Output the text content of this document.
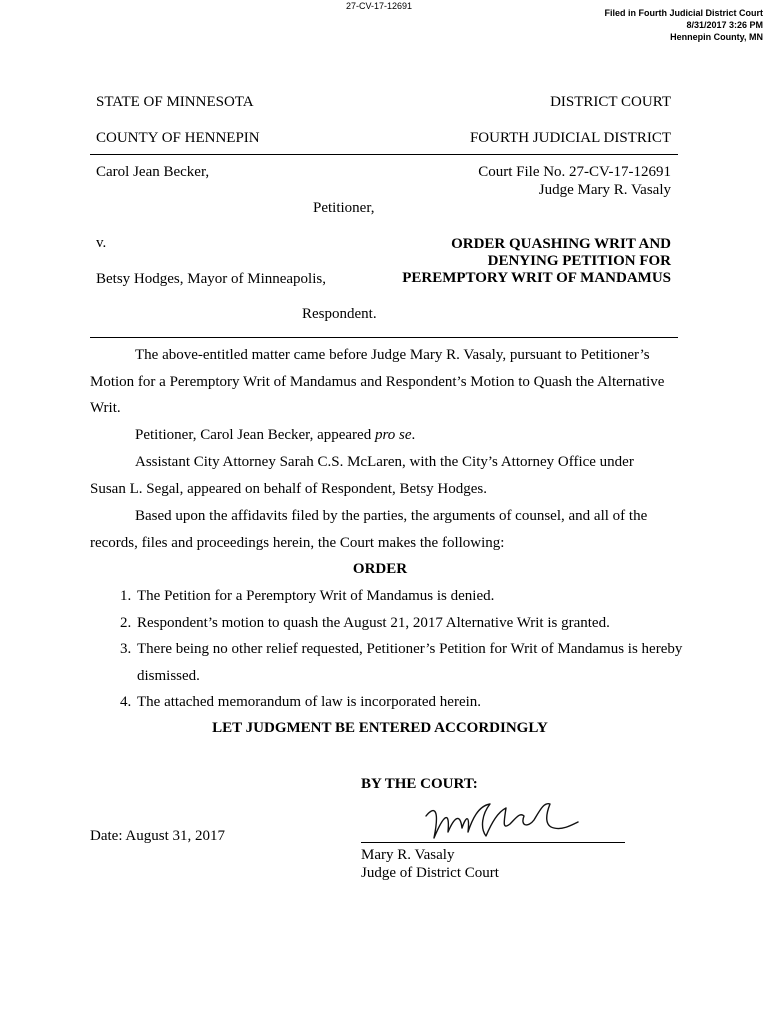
27-CV-17-12691
Filed in Fourth Judicial District Court
8/31/2017 3:26 PM
Hennepin County, MN
STATE OF MINNESOTA	DISTRICT COURT
COUNTY OF HENNEPIN	FOURTH JUDICIAL DISTRICT
Carol Jean Becker,	Court File No. 27-CV-17-12691
Judge Mary R. Vasaly
Petitioner,
v.	ORDER QUASHING WRIT AND
DENYING PETITION FOR
PEREMPTORY WRIT OF MANDAMUS
Betsy Hodges, Mayor of Minneapolis,
Respondent.
The above-entitled matter came before Judge Mary R. Vasaly, pursuant to Petitioner’s Motion for a Peremptory Writ of Mandamus and Respondent’s Motion to Quash the Alternative Writ.
Petitioner, Carol Jean Becker, appeared pro se.
Assistant City Attorney Sarah C.S. McLaren, with the City’s Attorney Office under Susan L. Segal, appeared on behalf of Respondent, Betsy Hodges.
Based upon the affidavits filed by the parties, the arguments of counsel, and all of the records, files and proceedings herein, the Court makes the following:
ORDER
1. The Petition for a Peremptory Writ of Mandamus is denied.
2. Respondent’s motion to quash the August 21, 2017 Alternative Writ is granted.
3. There being no other relief requested, Petitioner’s Petition for Writ of Mandamus is hereby dismissed.
4. The attached memorandum of law is incorporated herein.
LET JUDGMENT BE ENTERED ACCORDINGLY
BY THE COURT:
Date: August 31, 2017
Mary R. Vasaly
Judge of District Court
